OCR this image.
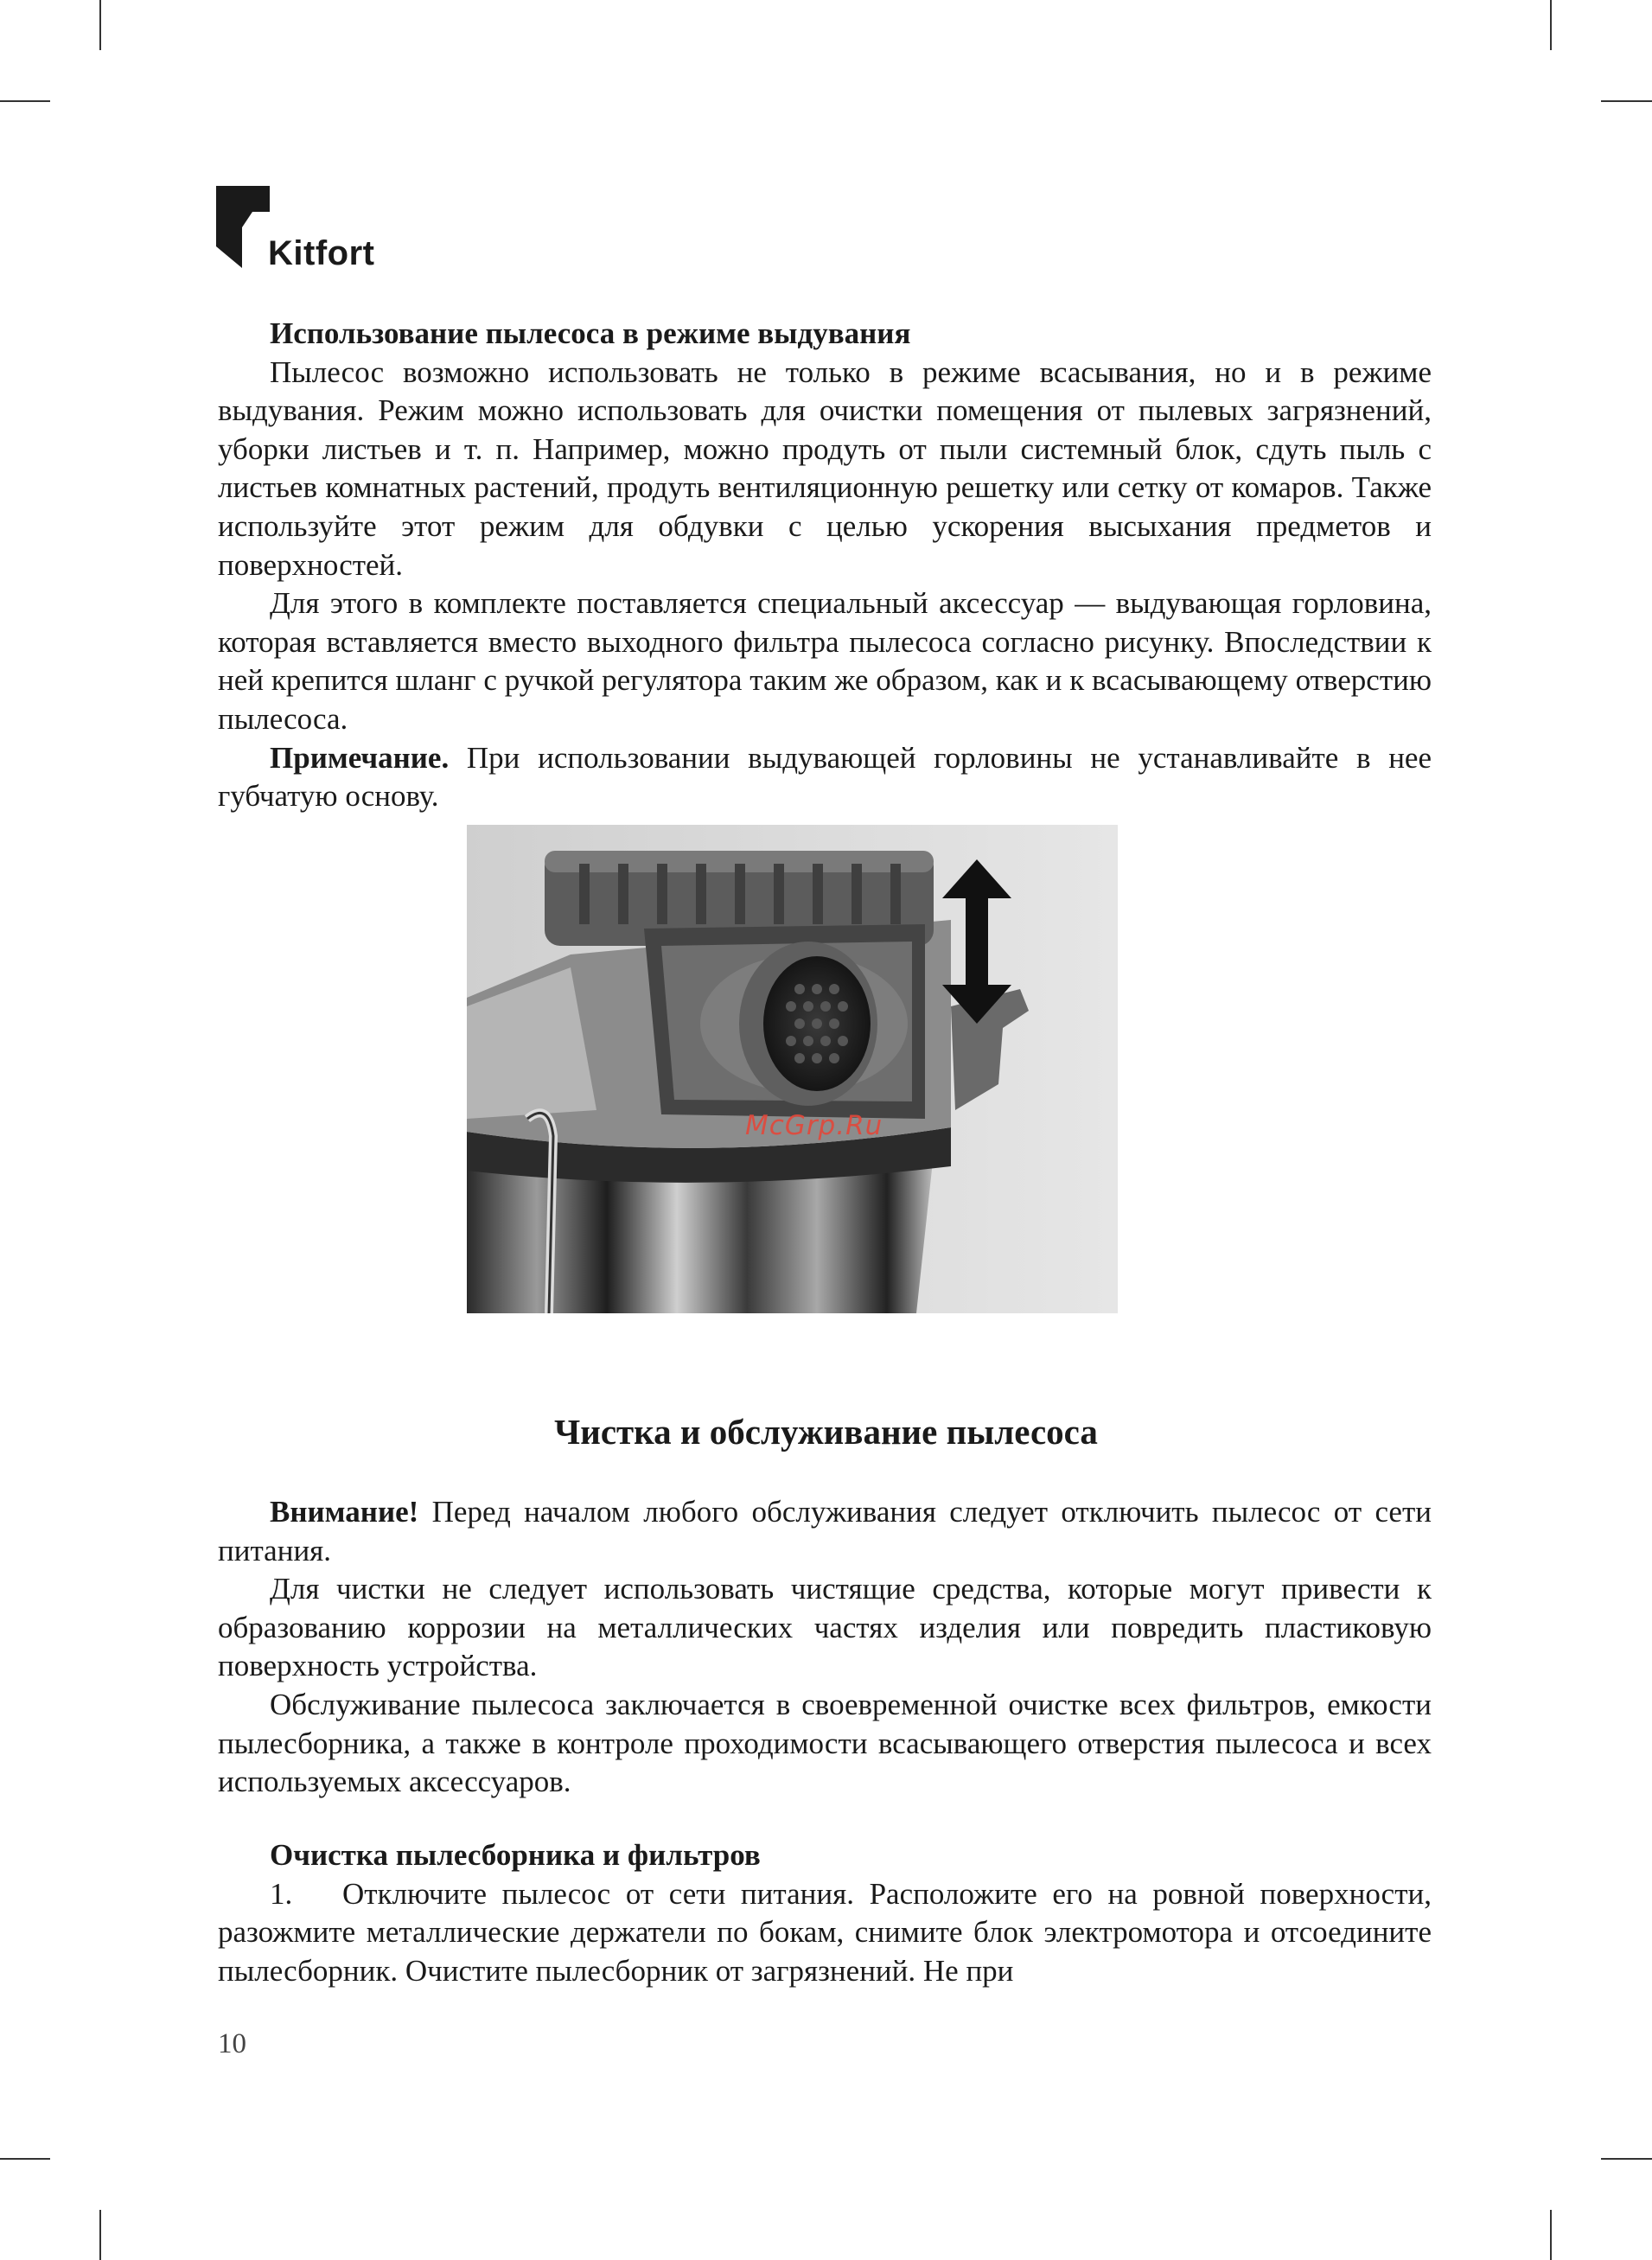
Kitfort

Использование пылесоса в режиме выдувания

Пылесос возможно использовать не только в режиме всасывания, но и в режиме выдувания. Режим можно использовать для очистки помещения от пылевых загрязнений, уборки листьев и т. п. Например, можно продуть от пыли системный блок, сдуть пыль с листьев комнатных растений, продуть вентиляционную решетку или сетку от комаров. Также используйте этот режим для обдувки с целью ускорения высыхания предметов и поверхностей.

Для этого в комплекте поставляется специальный аксессуар — выдувающая горловина, которая вставляется вместо выходного фильтра пылесоса согласно рисунку. Впоследствии к ней крепится шланг с ручкой регулятора таким же образом, как и к всасывающему отверстию пылесоса.

Примечание. При использовании выдувающей горловины не устанавливайте в нее губчатую основу.

McGrp.Ru
Чистка и обслуживание пылесоса

Внимание! Перед началом любого обслуживания следует отключить пылесос от сети питания.

Для чистки не следует использовать чистящие средства, которые могут привести к образованию коррозии на металлических частях изделия или повредить пластиковую поверхность устройства.

Обслуживание пылесоса заключается в своевременной очистке всех фильтров, емкости пылесборника, а также в контроле проходимости всасывающего отверстия пылесоса и всех используемых аксессуаров.

Очистка пылесборника и фильтров

1. Отключите пылесос от сети питания. Расположите его на ровной поверхности, разожмите металлические держатели по бокам, снимите блок электромотора и отсоедините пылесборник. Очистите пылесборник от загрязнений. Не при

10
